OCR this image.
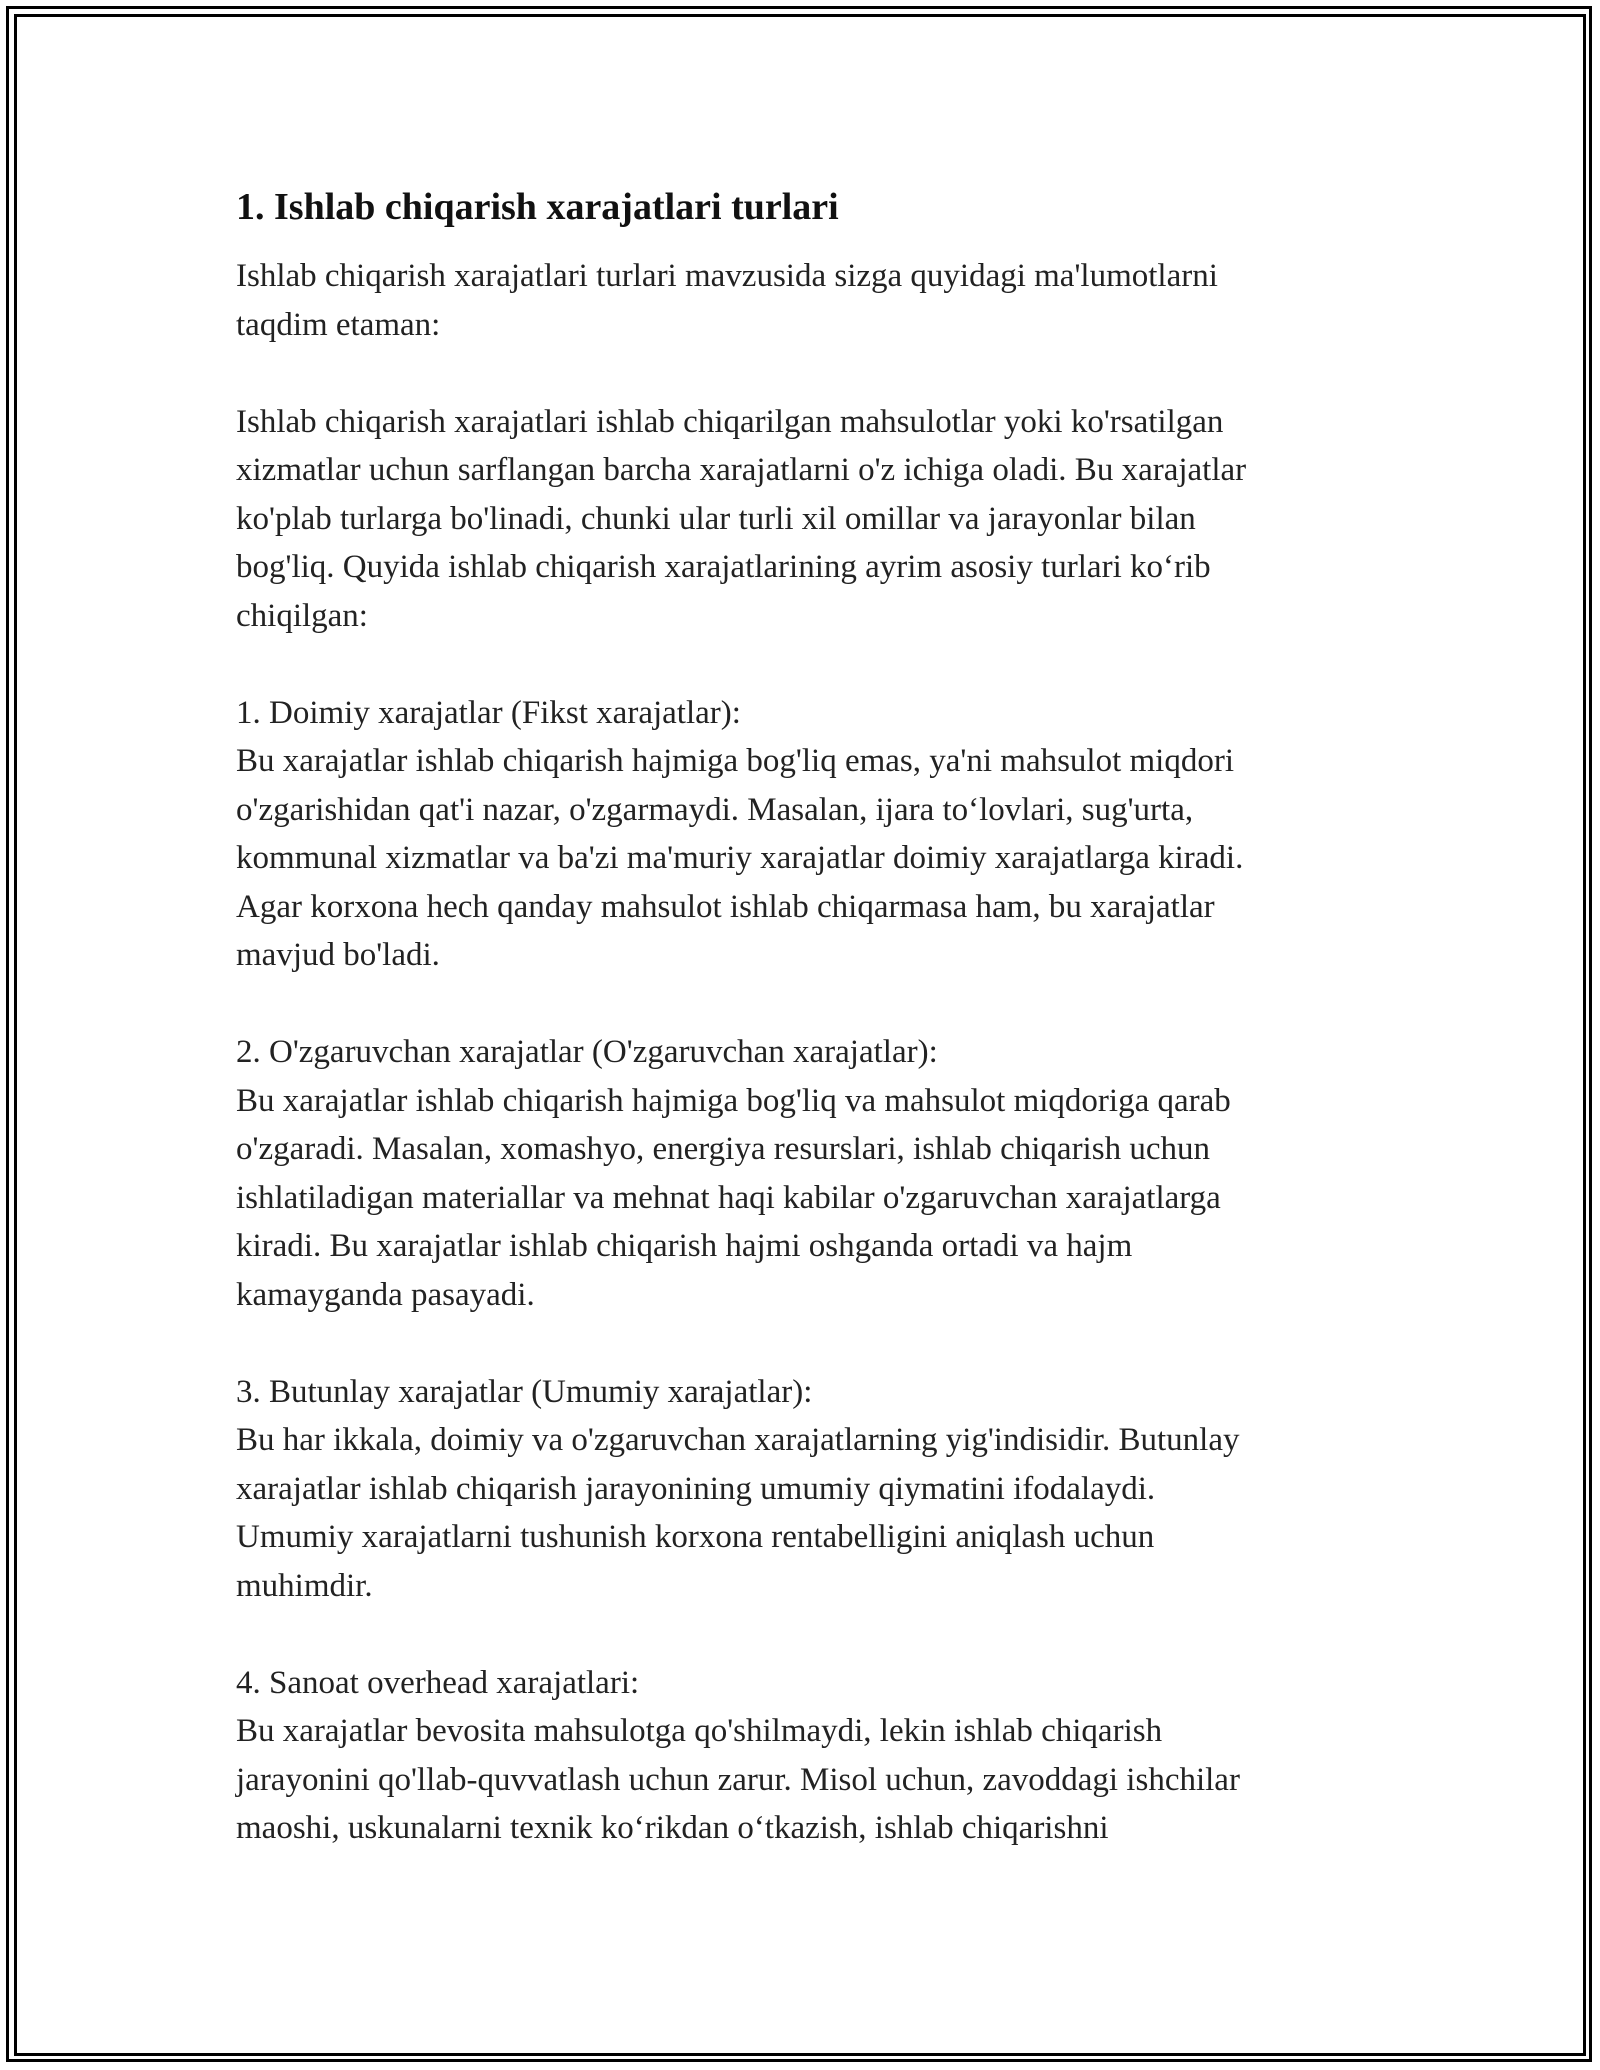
1. Ishlab chiqarish xarajatlari turlari
Ishlab chiqarish xarajatlari turlari mavzusida sizga quyidagi ma'lumotlarni
taqdim etaman:
Ishlab chiqarish xarajatlari ishlab chiqarilgan mahsulotlar yoki ko'rsatilgan
xizmatlar uchun sarflangan barcha xarajatlarni o'z ichiga oladi. Bu xarajatlar
ko'plab turlarga bo'linadi, chunki ular turli xil omillar va jarayonlar bilan
bog'liq. Quyida ishlab chiqarish xarajatlarining ayrim asosiy turlari ko‘rib
chiqilgan:
1. Doimiy xarajatlar (Fikst xarajatlar):
Bu xarajatlar ishlab chiqarish hajmiga bog'liq emas, ya'ni mahsulot miqdori
o'zgarishidan qat'i nazar, o'zgarmaydi. Masalan, ijara to‘lovlari, sug'urta,
kommunal xizmatlar va ba'zi ma'muriy xarajatlar doimiy xarajatlarga kiradi.
Agar korxona hech qanday mahsulot ishlab chiqarmasa ham, bu xarajatlar
mavjud bo'ladi.
2. O'zgaruvchan xarajatlar (O'zgaruvchan xarajatlar):
Bu xarajatlar ishlab chiqarish hajmiga bog'liq va mahsulot miqdoriga qarab
o'zgaradi. Masalan, xomashyo, energiya resurslari, ishlab chiqarish uchun
ishlatiladigan materiallar va mehnat haqi kabilar o'zgaruvchan xarajatlarga
kiradi. Bu xarajatlar ishlab chiqarish hajmi oshganda ortadi va hajm
kamayganda pasayadi.
3. Butunlay xarajatlar (Umumiy xarajatlar):
Bu har ikkala, doimiy va o'zgaruvchan xarajatlarning yig'indisidir. Butunlay
xarajatlar ishlab chiqarish jarayonining umumiy qiymatini ifodalaydi.
Umumiy xarajatlarni tushunish korxona rentabelligini aniqlash uchun
muhimdir.
4. Sanoat overhead xarajatlari:
Bu xarajatlar bevosita mahsulotga qo'shilmaydi, lekin ishlab chiqarish
jarayonini qo'llab-quvvatlash uchun zarur. Misol uchun, zavoddagi ishchilar
maoshi, uskunalarni texnik ko‘rikdan o‘tkazish, ishlab chiqarishni
